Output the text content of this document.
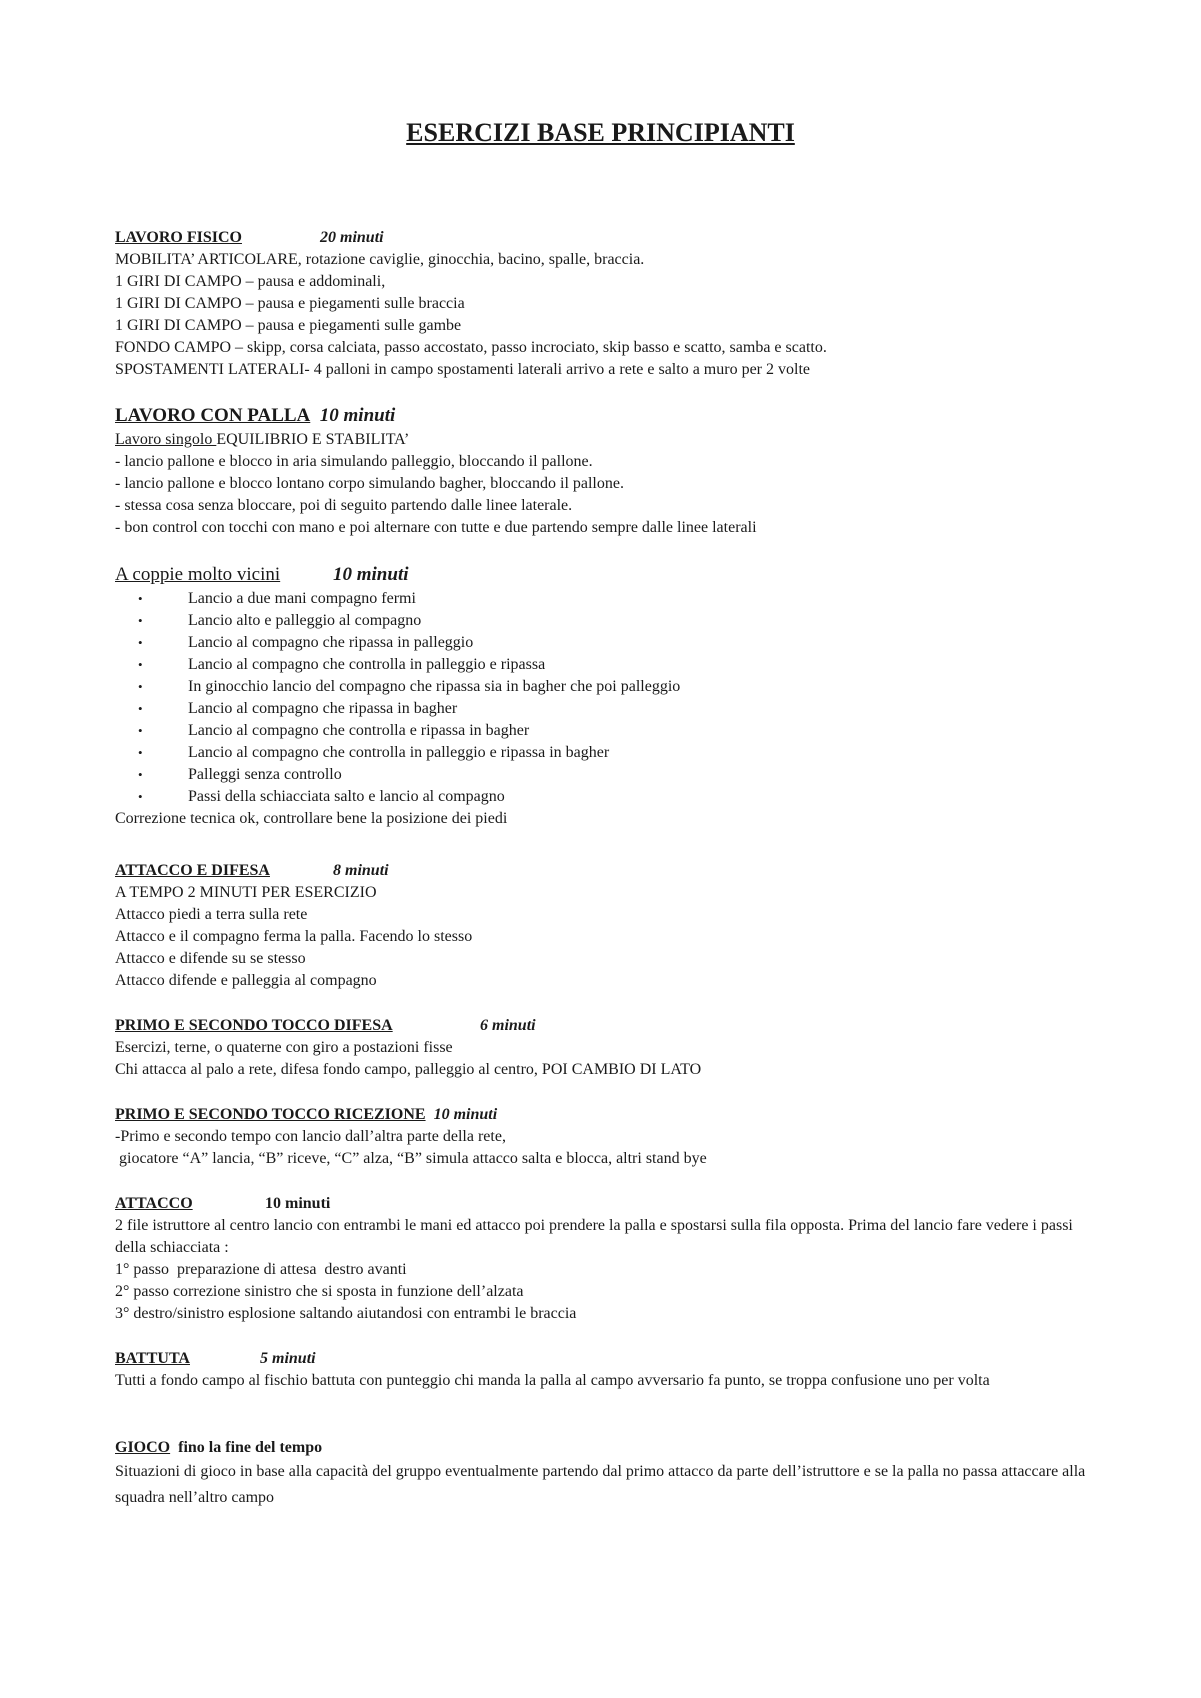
ESERCIZI BASE PRINCIPIANTI

LAVORO FISICO	20 minuti

MOBILITA’ ARTICOLARE, rotazione caviglie, ginocchia, bacino, spalle, braccia.

1 GIRI DI CAMPO – pausa e addominali,

1 GIRI DI CAMPO – pausa e piegamenti sulle braccia

1 GIRI DI CAMPO – pausa e piegamenti sulle gambe

FONDO CAMPO – skipp, corsa calciata, passo accostato, passo incrociato, skip basso e scatto, samba e scatto.

SPOSTAMENTI LATERALI- 4 palloni in campo spostamenti laterali arrivo a rete e salto a muro per 2 volte

LAVORO CON PALLA 10 minuti

Lavoro singolo EQUILIBRIO E STABILITA’

- lancio pallone e blocco in aria simulando palleggio, bloccando il pallone.

- lancio pallone e blocco lontano corpo simulando bagher, bloccando il pallone.

- stessa cosa senza bloccare, poi di seguito partendo dalle linee laterale.

- bon control con tocchi con mano e poi alternare con tutte e due partendo sempre dalle linee laterali

A coppie molto vicini	10 minuti

•	Lancio a due mani compagno fermi
•	Lancio alto e palleggio al compagno
•	Lancio al compagno che ripassa in palleggio
•	Lancio al compagno che controlla in palleggio e ripassa
•	In ginocchio lancio del compagno che ripassa sia in bagher che poi palleggio
•	Lancio al compagno che ripassa in bagher
•	Lancio al compagno che controlla e ripassa in bagher
•	Lancio al compagno che controlla in palleggio e ripassa in bagher
•	Palleggi senza controllo
•	Passi della schiacciata salto e lancio al compagno

Correzione tecnica ok, controllare bene la posizione dei piedi

ATTACCO E DIFESA	8 minuti

A TEMPO 2 MINUTI PER ESERCIZIO

Attacco piedi a terra sulla rete

Attacco e il compagno ferma la palla. Facendo lo stesso

Attacco e difende su se stesso

Attacco difende e palleggia al compagno

PRIMO E SECONDO TOCCO DIFESA	6 minuti

Esercizi, terne, o quaterne con giro a postazioni fisse

Chi attacca al palo a rete, difesa fondo campo, palleggio al centro, POI CAMBIO DI LATO

PRIMO E SECONDO TOCCO RICEZIONE 10 minuti

-Primo e secondo tempo con lancio dall’altra parte della rete,

giocatore “A” lancia, “B” riceve, “C” alza, “B” simula attacco salta e blocca, altri stand bye

ATTACCO	10 minuti

2 file istruttore al centro lancio con entrambi le mani ed attacco poi prendere la palla e spostarsi sulla fila opposta. Prima del lancio fare vedere i passi della schiacciata :

1° passo  preparazione di attesa  destro avanti

2° passo correzione sinistro che si sposta in funzione dell’alzata

3° destro/sinistro esplosione saltando aiutandosi con entrambi le braccia

BATTUTA	5 minuti

Tutti a fondo campo al fischio battuta con punteggio chi manda la palla al campo avversario fa punto, se troppa confusione uno per volta

GIOCO fino la fine del tempo

Situazioni di gioco in base alla capacità del gruppo eventualmente partendo dal primo attacco da parte dell’istruttore e se la palla no passa attaccare alla squadra nell’altro campo
